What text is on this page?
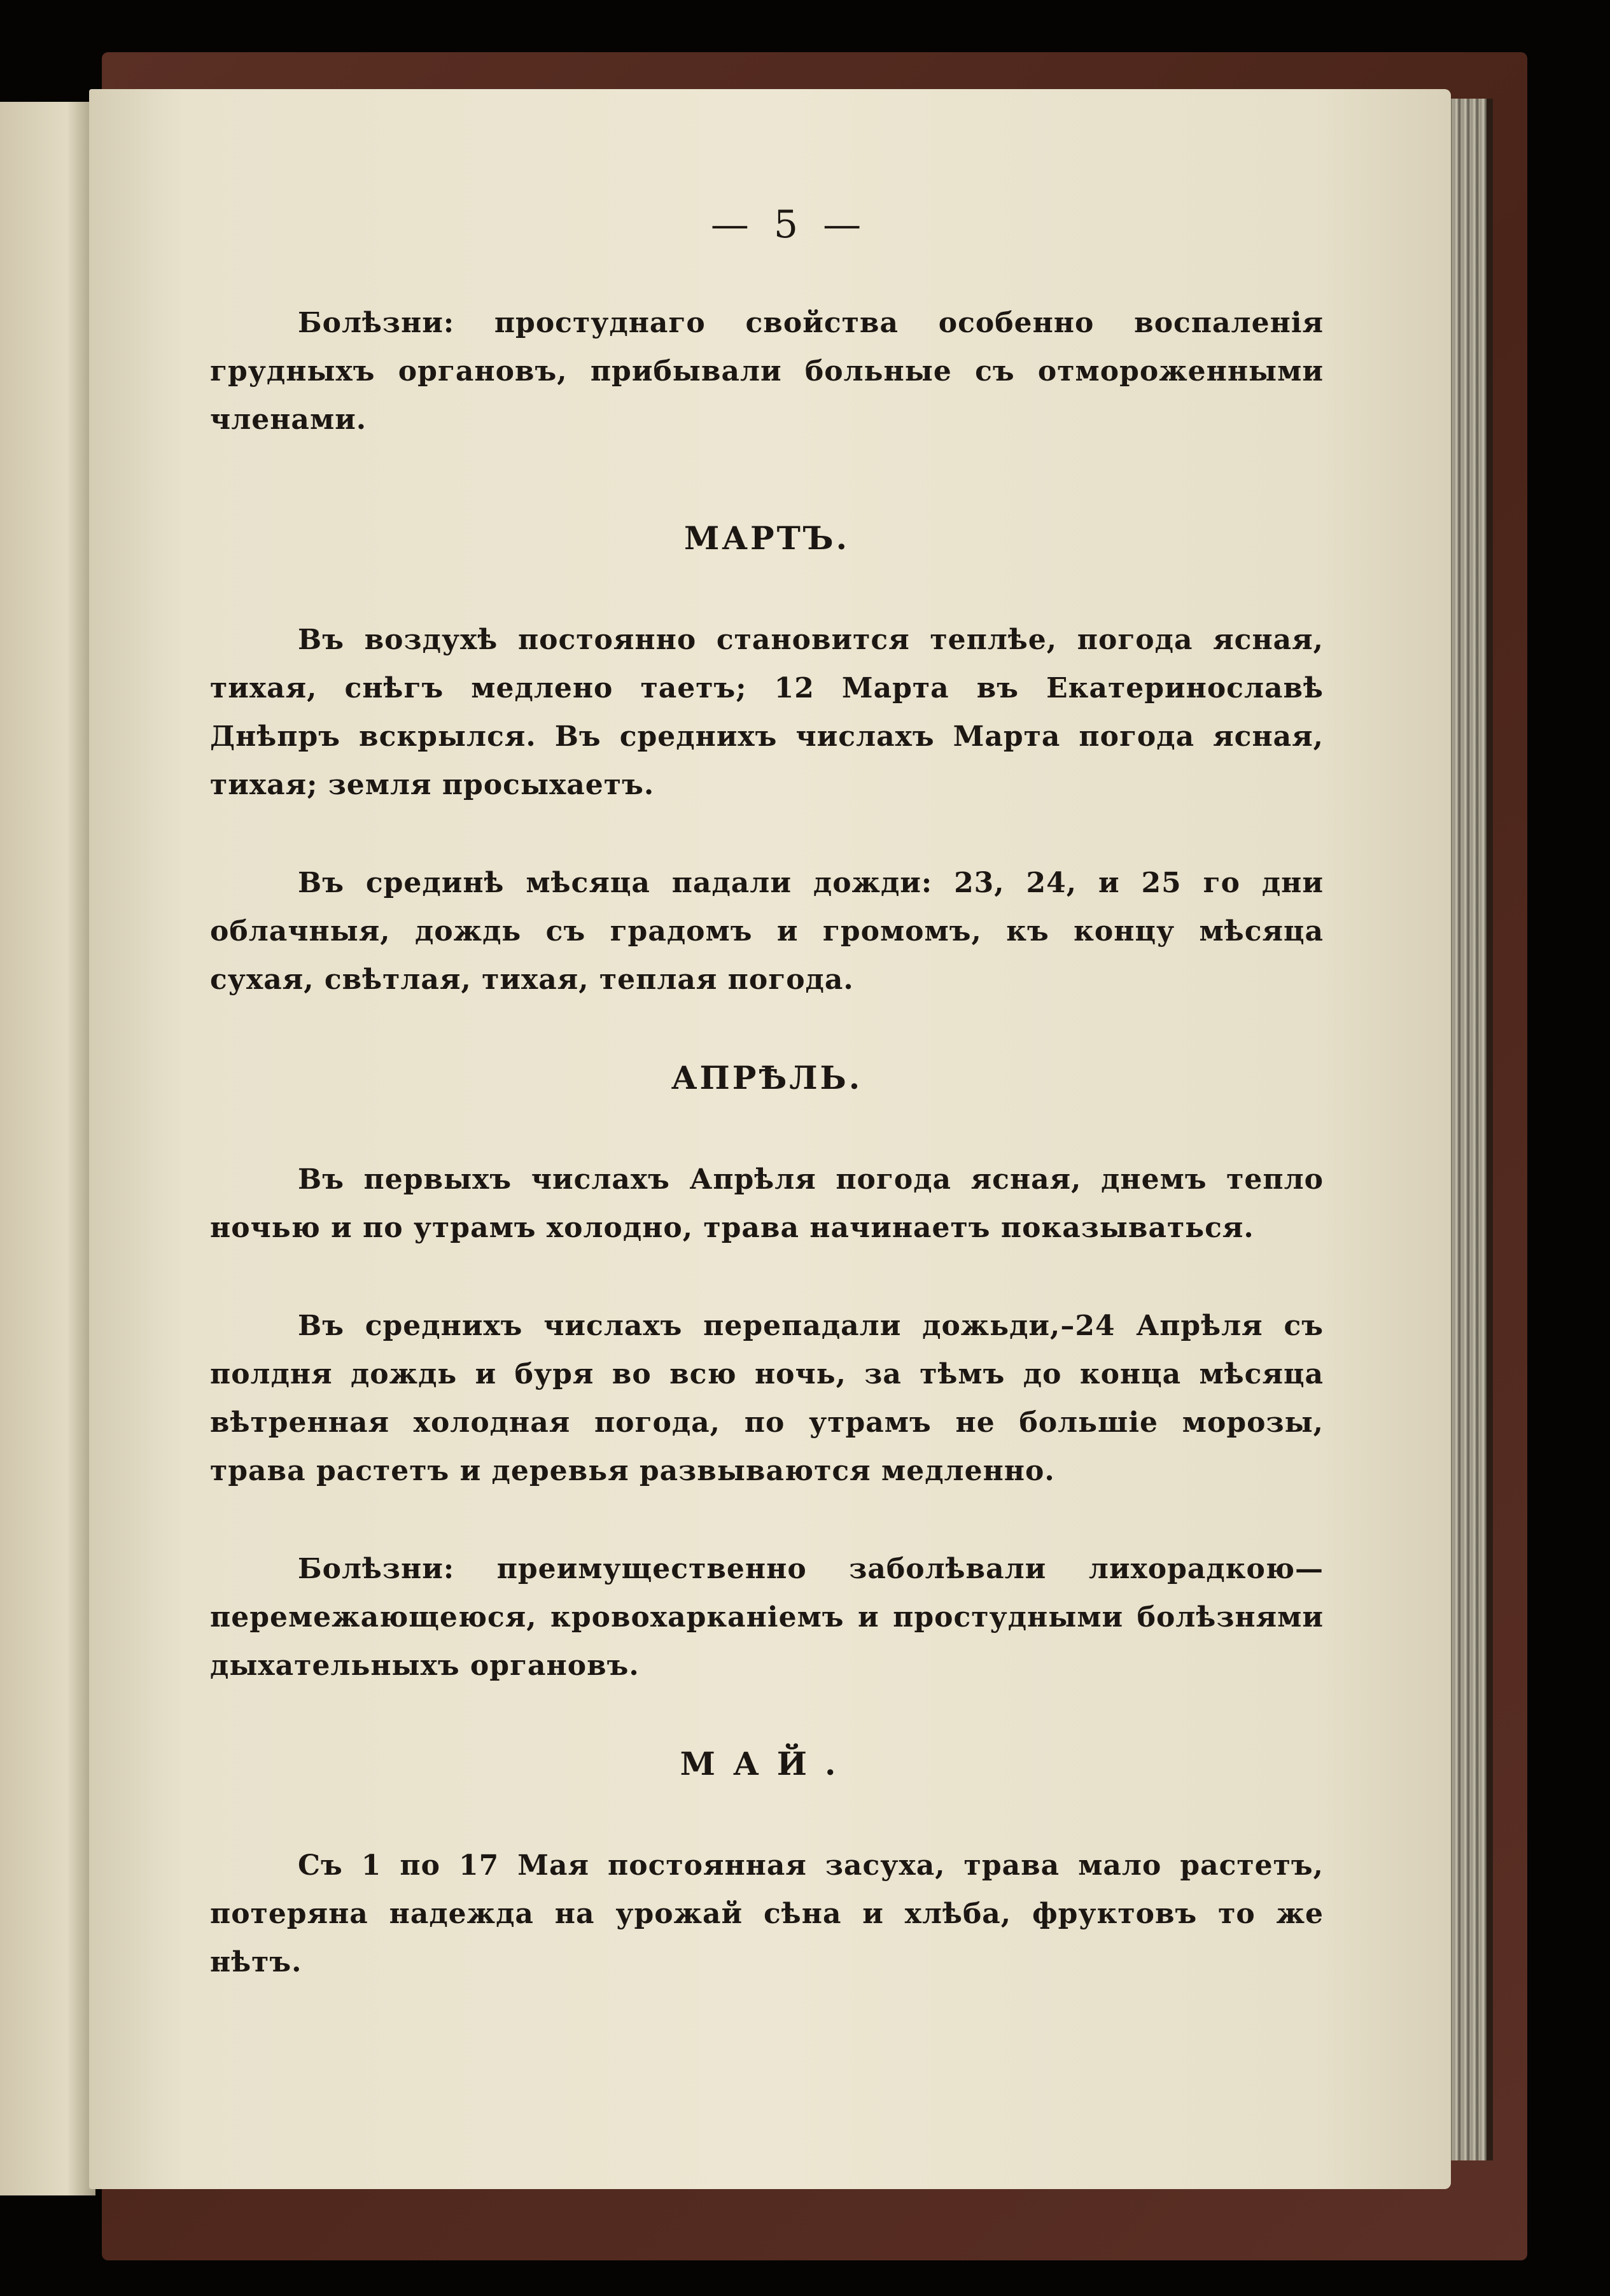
— 5 —

Болѣзни: простуднаго свойства особенно воспаленія грудныхъ органовъ, прибывали больные съ отмороженными членами.

МАРТЪ.

Въ воздухѣ постоянно становится теплѣе, погода ясная, тихая, снѣгъ медлено таетъ; 12 Марта въ Екатеринославѣ Днѣпръ вскрылся. Въ среднихъ числахъ Марта погода ясная, тихая; земля просыхаетъ.

Въ срединѣ мѣсяца падали дожди: 23, 24, и 25 го дни облачныя, дождь съ градомъ и громомъ, къ концу мѣсяца сухая, свѣтлая, тихая, теплая погода.

АПРѢЛЬ.

Въ первыхъ числахъ Апрѣля погода ясная, днемъ тепло ночью и по утрамъ холодно, трава начинаетъ показываться.

Въ среднихъ числахъ перепадали дожьди,–24 Апрѣля съ полдня дождь и буря во всю ночь, за тѣмъ до конца мѣсяца вѣтренная холодная погода, по утрамъ не большіе морозы, трава растетъ и деревья развываются медленно.

Болѣзни: преимущественно заболѣвали лихорадкою— перемежающеюся, кровохарканіемъ и простудными болѣзнями дыхательныхъ органовъ.

МАЙ.

Съ 1 по 17 Мая постоянная засуха, трава мало растетъ, потеряна надежда на урожай сѣна и хлѣба, фруктовъ то же нѣтъ.
